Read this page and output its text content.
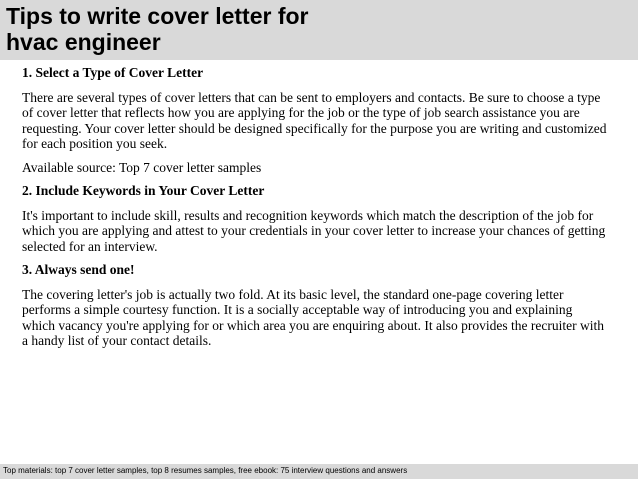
Tips to write cover letter for
hvac engineer
1. Select a Type of Cover Letter
There are several types of cover letters that can be sent to employers and contacts. Be sure to choose a type of cover letter that reflects how you are applying for the job or the type of job search assistance you are requesting. Your cover letter should be designed specifically for the purpose you are writing and customized for each position you seek.
Available source: Top 7 cover letter samples
2. Include Keywords in Your Cover Letter
It's important to include skill, results and recognition keywords which match the description of the job for which you are applying and attest to your credentials in your cover letter to increase your chances of getting selected for an interview.
3. Always send one!
The covering letter's job is actually two fold. At its basic level, the standard one-page covering letter performs a simple courtesy function. It is a socially acceptable way of introducing you and explaining which vacancy you're applying for or which area you are enquiring about. It also provides the recruiter with a handy list of your contact details.
Top materials: top 7 cover letter samples, top 8 resumes samples, free ebook: 75 interview questions and answers
